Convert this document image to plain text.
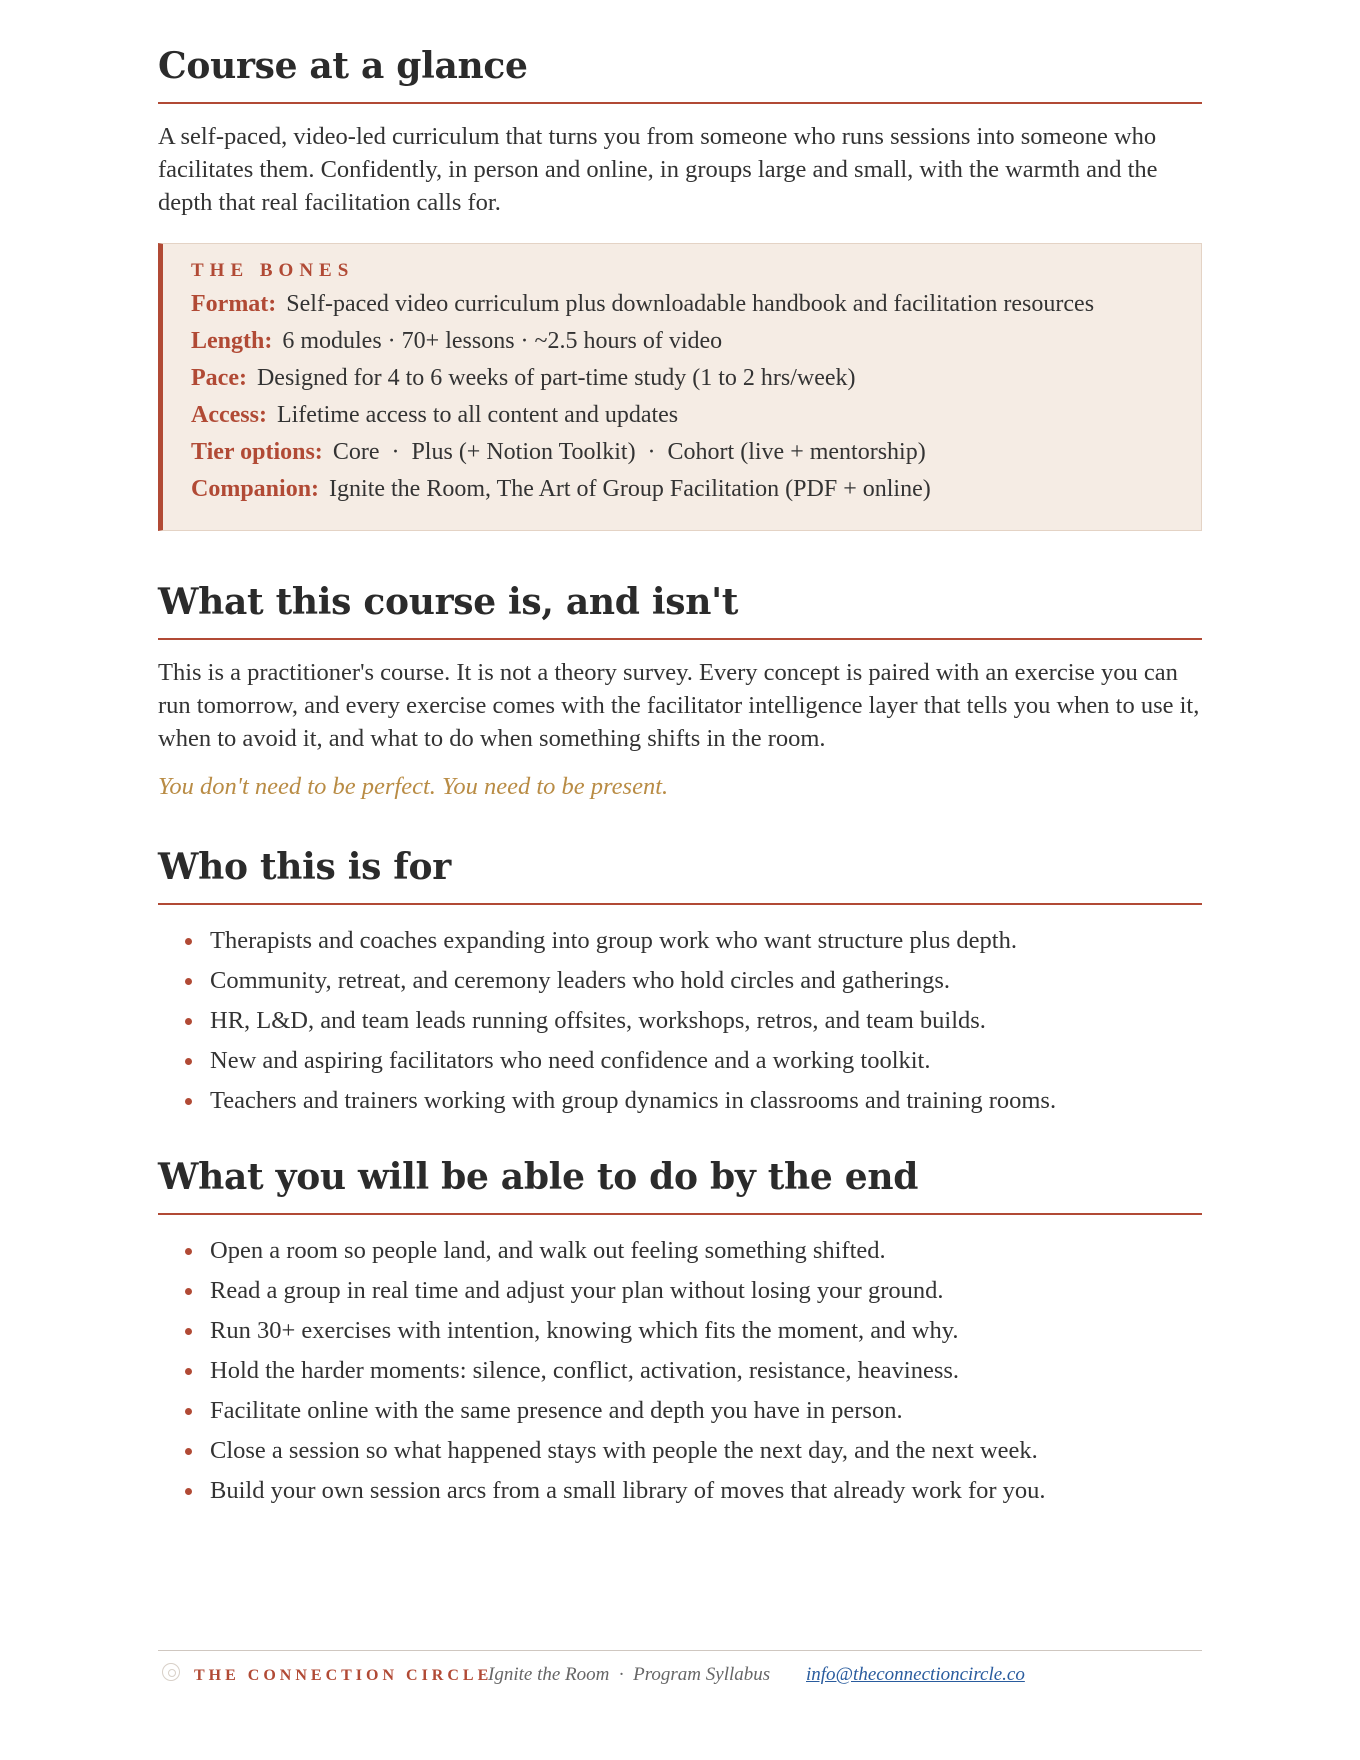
Course at a glance

A self-paced, video-led curriculum that turns you from someone who runs sessions into someone who facilitates them. Confidently, in person and online, in groups large and small, with the warmth and the depth that real facilitation calls for.

THE BONES
Format: Self-paced video curriculum plus downloadable handbook and facilitation resources
Length: 6 modules · 70+ lessons · ~2.5 hours of video
Pace: Designed for 4 to 6 weeks of part-time study (1 to 2 hrs/week)
Access: Lifetime access to all content and updates
Tier options: Core  ·  Plus (+ Notion Toolkit)  ·  Cohort (live + mentorship)
Companion: Ignite the Room, The Art of Group Facilitation (PDF + online)
What this course is, and isn't

This is a practitioner's course. It is not a theory survey. Every concept is paired with an exercise you can run tomorrow, and every exercise comes with the facilitator intelligence layer that tells you when to use it, when to avoid it, and what to do when something shifts in the room.

You don't need to be perfect. You need to be present.

Who this is for
Therapists and coaches expanding into group work who want structure plus depth.
Community, retreat, and ceremony leaders who hold circles and gatherings.
HR, L&D, and team leads running offsites, workshops, retros, and team builds.
New and aspiring facilitators who need confidence and a working toolkit.
Teachers and trainers working with group dynamics in classrooms and training rooms.
What you will be able to do by the end
Open a room so people land, and walk out feeling something shifted.
Read a group in real time and adjust your plan without losing your ground.
Run 30+ exercises with intention, knowing which fits the moment, and why.
Hold the harder moments: silence, conflict, activation, resistance, heaviness.
Facilitate online with the same presence and depth you have in person.
Close a session so what happened stays with people the next day, and the next week.
Build your own session arcs from a small library of moves that already work for you.
THE CONNECTION CIRCLE
Ignite the Room  ·  Program Syllabus info@theconnectioncircle.co
